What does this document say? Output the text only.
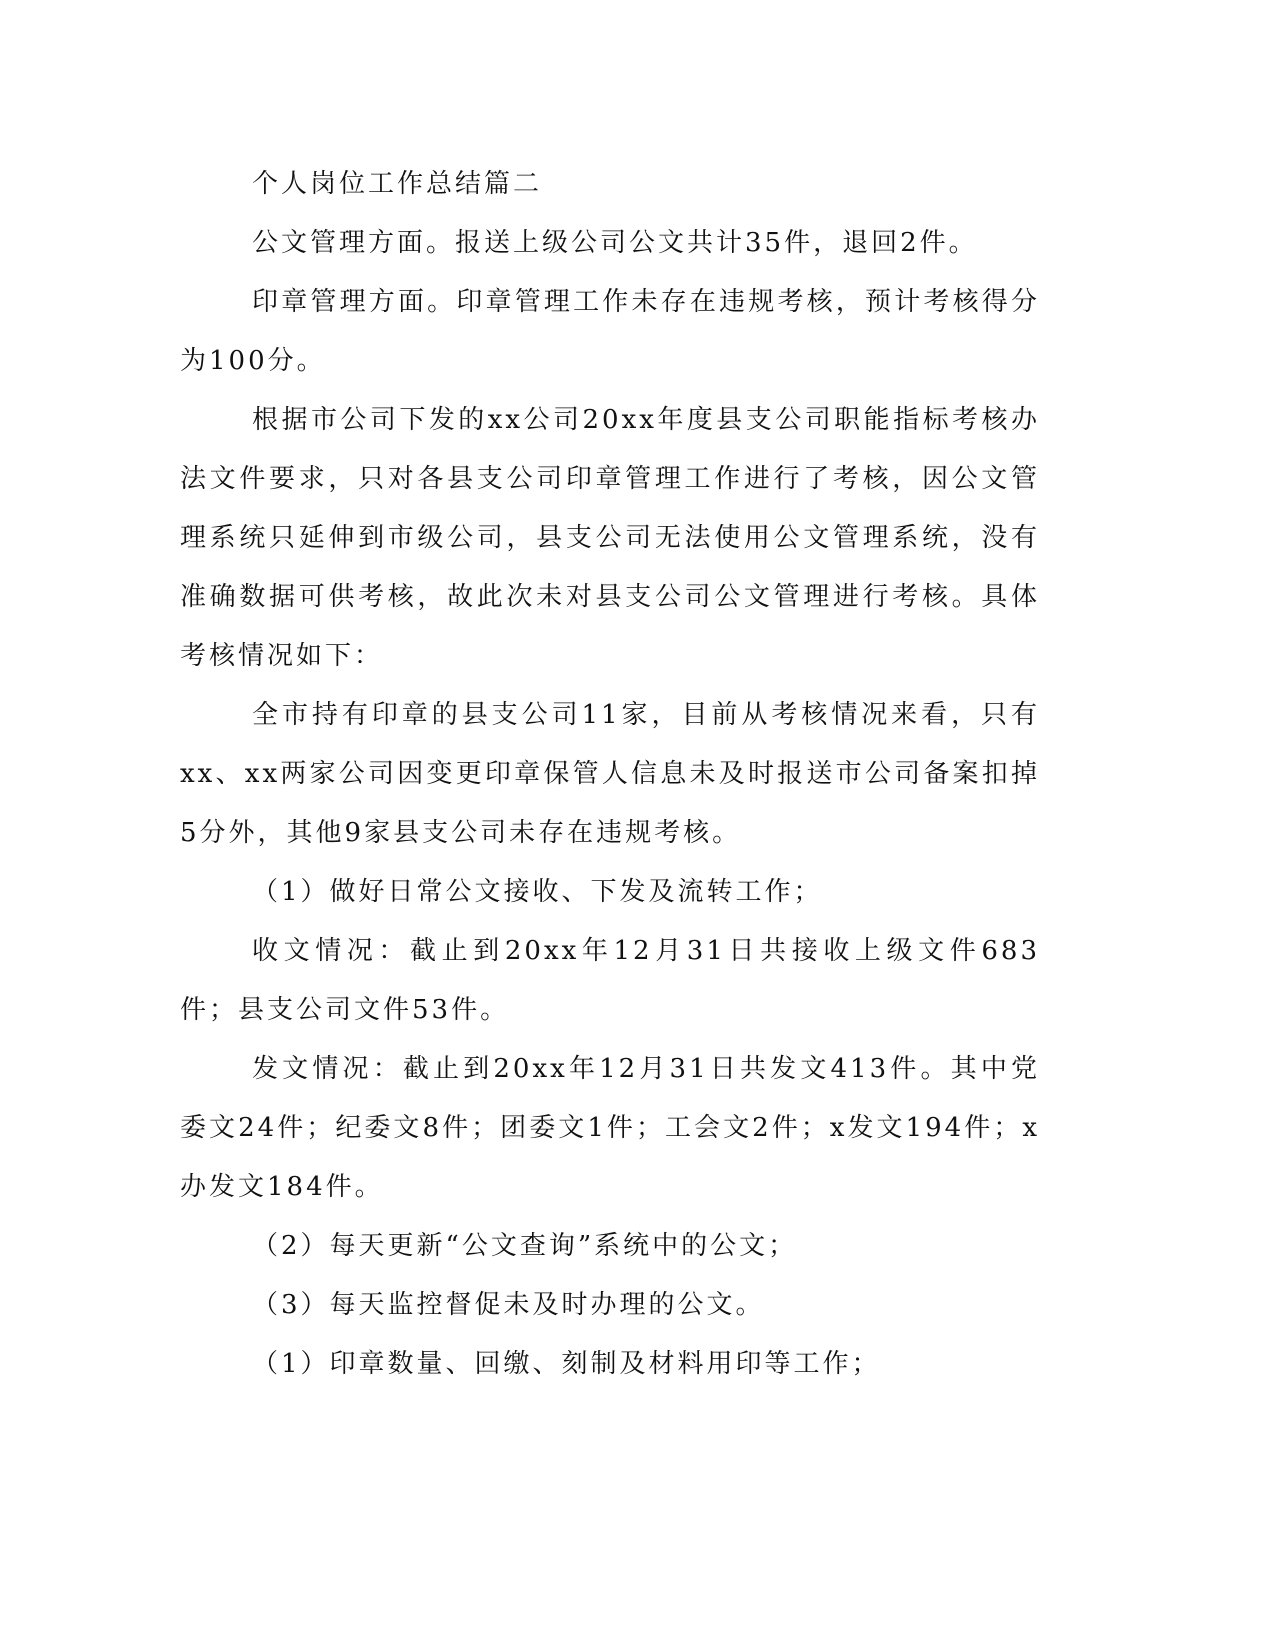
个人岗位工作总结篇二

公文管理方面。报送上级公司公文共计35件，退回2件。

印章管理方面。印章管理工作未存在违规考核，预计考核得分为100分。

根据市公司下发的xx公司20xx年度县支公司职能指标考核办法文件要求，只对各县支公司印章管理工作进行了考核，因公文管理系统只延伸到市级公司，县支公司无法使用公文管理系统，没有准确数据可供考核，故此次未对县支公司公文管理进行考核。具体考核情况如下：

全市持有印章的县支公司11家，目前从考核情况来看，只有xx、xx两家公司因变更印章保管人信息未及时报送市公司备案扣掉5分外，其他9家县支公司未存在违规考核。

（1）做好日常公文接收、下发及流转工作；

收文情况：截止到20xx年12月31日共接收上级文件683件；县支公司文件53件。

发文情况：截止到20xx年12月31日共发文413件。其中党委文24件；纪委文8件；团委文1件；工会文2件；x发文194件；x办发文184件。

（2）每天更新“公文查询”系统中的公文；

（3）每天监控督促未及时办理的公文。

（1）印章数量、回缴、刻制及材料用印等工作；
